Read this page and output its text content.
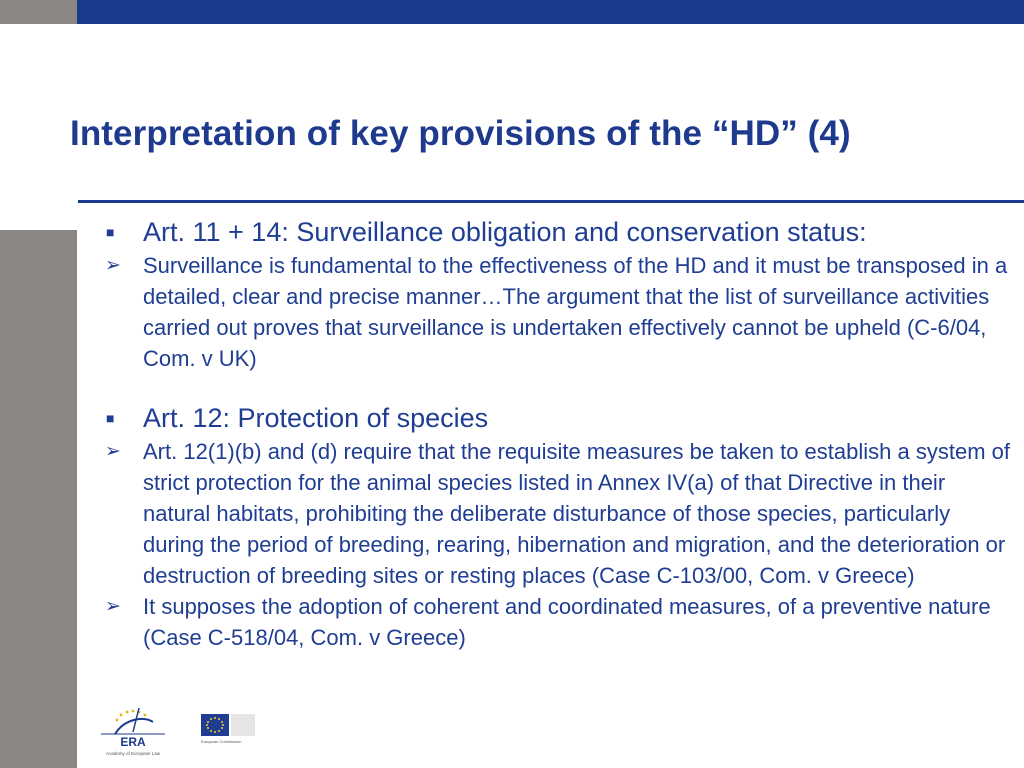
Interpretation of key provisions of the “HD” (4)
■ Art. 11 + 14: Surveillance obligation and conservation status:
➢ Surveillance is fundamental to the effectiveness of the HD and it must be transposed in a detailed, clear and precise manner…The argument that the list of surveillance activities carried out proves that surveillance is undertaken effectively cannot be upheld (C-6/04, Com. v UK)
■ Art. 12: Protection of species
➢ Art. 12(1)(b) and (d) require that the requisite measures be taken to establish a system of strict protection for the animal species listed in Annex IV(a) of that Directive in their natural habitats, prohibiting the deliberate disturbance of those species, particularly during the period of breeding, rearing, hibernation and migration, and the deterioration or destruction of breeding sites or resting places (Case C-103/00, Com. v Greece)
➢ It supposes the adoption of coherent and coordinated measures, of a preventive nature (Case C-518/04, Com. v Greece)
ERA
Academy of European Law
European Commission
